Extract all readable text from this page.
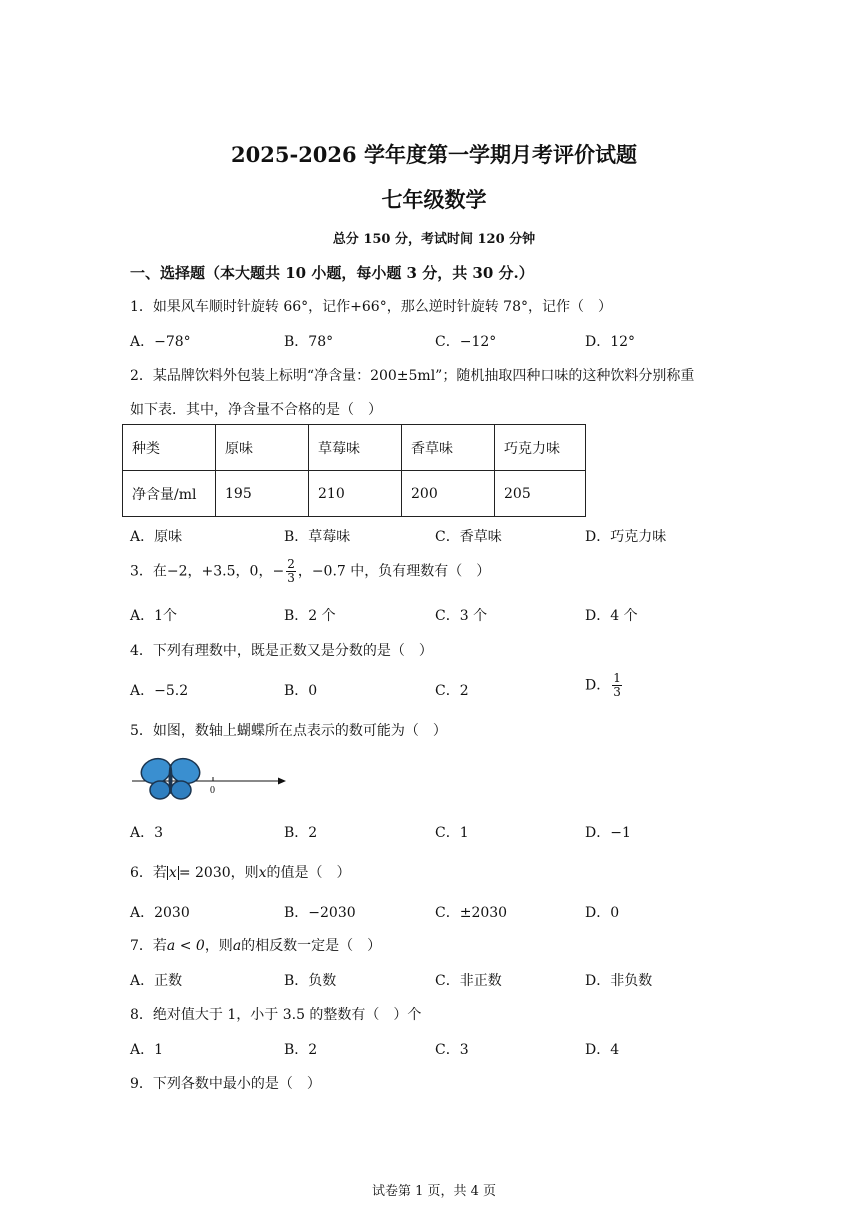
2025-2026 学年度第一学期月考评价试题
七年级数学
总分 150 分，考试时间 120 分钟
一、选择题（本大题共 10 小题，每小题 3 分，共 30 分.）
1．如果风车顺时针旋转 66°，记作+66°，那么逆时针旋转 78°，记作（　）
A．−78°	B．78°	C．−12°	D．12°
2．某品牌饮料外包装上标明“净含量：200±5ml”；随机抽取四种口味的这种饮料分别称重
如下表．其中，净含量不合格的是（　）
种类	原味	草莓味	香草味	巧克力味
净含量/ml	195	210	200	205
A．原味	B．草莓味	C．香草味	D．巧克力味
3．在−2，+3.5，0，− $\frac{2}{3}$ ，−0.7 中，负有理数有（　）
A．1个	B．2 个	C．3 个	D．4 个
4．下列有理数中，既是正数又是分数的是（　）
A．−5.2	B．0	C．2	D． $\frac{1}{3}$
5．如图，数轴上蝴蝶所在点表示的数可能为（　）
0
A．3	B．2	C．1	D．−1
6．若 x = 2030，则x的值是（　）
A．2030	B．−2030	C．±2030	D．0
7．若a < 0，则a的相反数一定是（　）
A．正数	B．负数	C．非正数	D．非负数
8．绝对值大于 1，小于 3.5 的整数有（　）个
A．1	B．2	C．3	D．4
9．下列各数中最小的是（　）
试卷第 1 页，共 4 页
